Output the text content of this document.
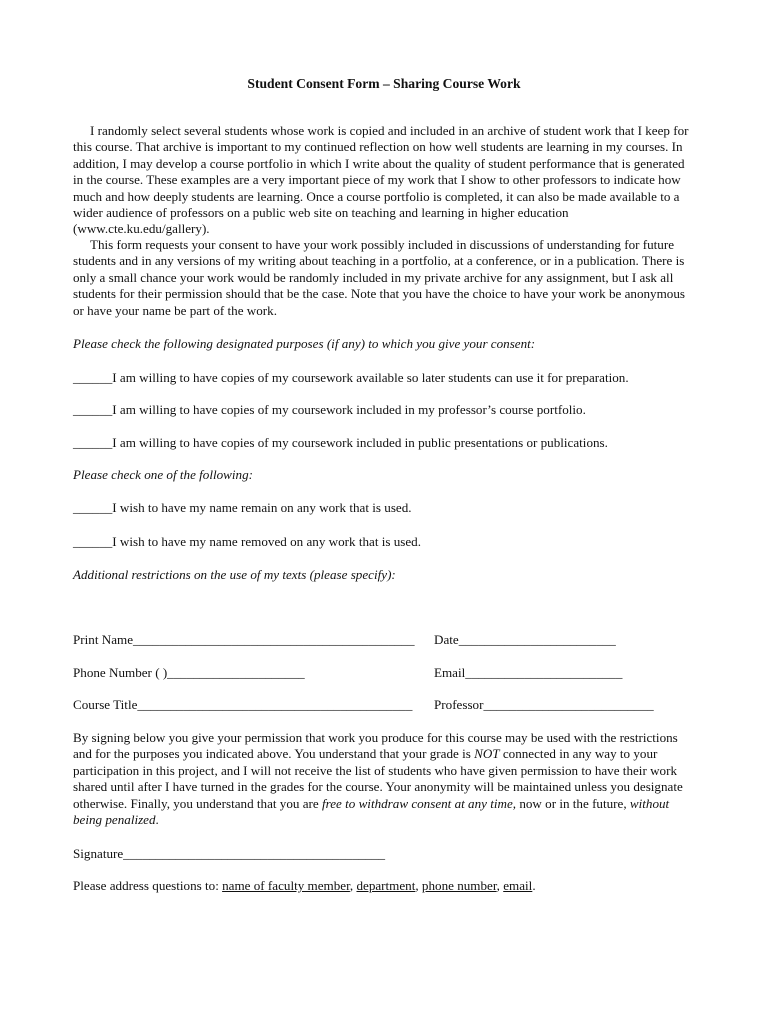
Student Consent Form – Sharing Course Work

I randomly select several students whose work is copied and included in an archive of student work that I keep for this course. That archive is important to my continued reflection on how well students are learning in my courses. In addition, I may develop a course portfolio in which I write about the quality of student performance that is generated in the course. These examples are a very important piece of my work that I show to other professors to indicate how much and how deeply students are learning. Once a course portfolio is completed, it can also be made available to a wider audience of professors on a public web site on teaching and learning in higher education (www.cte.ku.edu/gallery).

This form requests your consent to have your work possibly included in discussions of understanding for future students and in any versions of my writing about teaching in a portfolio, at a conference, or in a publication. There is only a small chance your work would be randomly included in my private archive for any assignment, but I ask all students for their permission should that be the case. Note that you have the choice to have your work be anonymous or have your name be part of the work.

Please check the following designated purposes (if any) to which you give your consent:

______I am willing to have copies of my coursework available so later students can use it for preparation.

______I am willing to have copies of my coursework included in my professor’s course portfolio.

______I am willing to have copies of my coursework included in public presentations or publications.

Please check one of the following:

______I wish to have my name remain on any work that is used.

______I wish to have my name removed on any work that is used.

Additional restrictions on the use of my texts (please specify):

Print Name___________________________________________ Date________________________

Phone Number ( )_____________________	Email________________________

Course Title__________________________________________ Professor__________________________

By signing below you give your permission that work you produce for this course may be used with the restrictions and for the purposes you indicated above. You understand that your grade is NOT connected in any way to your participation in this project, and I will not receive the list of students who have given permission to have their work shared until after I have turned in the grades for the course. Your anonymity will be maintained unless you designate otherwise. Finally, you understand that you are free to withdraw consent at any time, now or in the future, without being penalized.

Signature________________________________________

Please address questions to: name of faculty member, department, phone number, email.
